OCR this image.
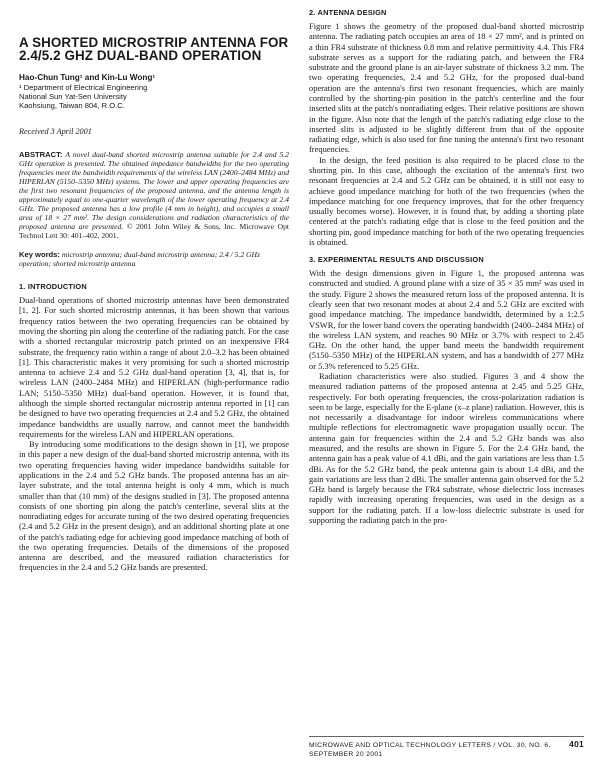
A SHORTED MICROSTRIP ANTENNA FOR 2.4/5.2 GHZ DUAL-BAND OPERATION

Hao-Chun Tung¹ and Kin-Lu Wong¹

¹ Department of Electrical Engineering

National Sun Yat-Sen University

Kaohsiung, Taiwan 804, R.O.C.

Received 3 April 2001

ABSTRACT: A novel dual-band shorted microstrip antenna suitable for 2.4 and 5.2 GHz operation is presented. The obtained impedance bandwidths for the two operating frequencies meet the bandwidth requirements of the wireless LAN (2400–2484 MHz) and HIPERLAN (5150–5350 MHz) systems. The lower and upper operating frequencies are the first two resonant frequencies of the proposed antenna, and the antenna length is approximately equal to one-quarter wavelength of the lower operating frequency at 2.4 GHz. The proposed antenna has a low profile (4 mm in height), and occupies a small area of 18 × 27 mm². The design considerations and radiation characteristics of the proposed antenna are presented. © 2001 John Wiley & Sons, Inc. Microwave Opt Technol Lett 30: 401–402, 2001.

Key words: microstrip antenna; dual-band microstrip antenna; 2.4 / 5.2 GHz operation; shorted microstrip antenna

1. INTRODUCTION

Dual-band operations of shorted microstrip antennas have been demonstrated [1, 2]. For such shorted microstrip antennas, it has been shown that various frequency ratios between the two operating frequencies can be obtained by moving the shorting pin along the centerline of the radiating patch. For the case with a shorted rectangular microstrip patch printed on an inexpensive FR4 substrate, the frequency ratio within a range of about 2.0–3.2 has been obtained [1]. This characteristic makes it very promising for such a shorted microstrip antenna to achieve 2.4 and 5.2 GHz dual-band operation [3, 4], that is, for wireless LAN (2400–2484 MHz) and HIPERLAN (high-performance radio LAN; 5150–5350 MHz) dual-band operation. However, it is found that, although the simple shorted rectangular microstrip antenna reported in [1] can be designed to have two operating frequencies at 2.4 and 5.2 GHz, the obtained impedance bandwidths are usually narrow, and cannot meet the bandwidth requirements for the wireless LAN and HIPERLAN operations.

By introducing some modifications to the design shown in [1], we propose in this paper a new design of the dual-band shorted microstrip antenna, with its two operating frequencies having wider impedance bandwidths suitable for applications in the 2.4 and 5.2 GHz bands. The proposed antenna has an air-layer substrate, and the total antenna height is only 4 mm, which is much smaller than that (10 mm) of the designs studied in [3]. The proposed antenna consists of one shorting pin along the patch's centerline, several slits at the nonradiating edges for accurate tuning of the two desired operating frequencies (2.4 and 5.2 GHz in the present design), and an additional shorting plate at one of the patch's radiating edge for achieving good impedance matching of both of the two operating frequencies. Details of the dimensions of the proposed antenna are described, and the measured radiation characteristics for frequencies in the 2.4 and 5.2 GHz bands are presented.

2. ANTENNA DESIGN

Figure 1 shows the geometry of the proposed dual-band shorted microstrip antenna. The radiating patch occupies an area of 18 × 27 mm², and is printed on a thin FR4 substrate of thickness 0.8 mm and relative permittivity 4.4. This FR4 substrate serves as a support for the radiating patch, and between the FR4 substrate and the ground plane is an air-layer substrate of thickness 3.2 mm. The two operating frequencies, 2.4 and 5.2 GHz, for the proposed dual-band operation are the antenna's first two resonant frequencies, which are mainly controlled by the shorting-pin position in the patch's centerline and the four inserted slits at the patch's nonradiating edges. Their relative positions are shown in the figure. Also note that the length of the patch's radiating edge close to the inserted slits is adjusted to be slightly different from that of the opposite radiating edge, which is also used for fine tuning the antenna's first two resonant frequencies.

In the design, the feed position is also required to be placed close to the shorting pin. In this case, although the excitation of the antenna's first two resonant frequencies at 2.4 and 5.2 GHz can be obtained, it is still not easy to achieve good impedance matching for both of the two frequencies (when the impedance matching for one frequency improves, that for the other frequency usually becomes worse). However, it is found that, by adding a shorting plate centered at the patch's radiating edge that is close to the feed position and the shorting pin, good impedance matching for both of the two operating frequencies is obtained.

3. EXPERIMENTAL RESULTS AND DISCUSSION

With the design dimensions given in Figure 1, the proposed antenna was constructed and studied. A ground plane with a size of 35 × 35 mm² was used in the study. Figure 2 shows the measured return loss of the proposed antenna. It is clearly seen that two resonant modes at about 2.4 and 5.2 GHz are excited with good impedance matching. The impedance bandwidth, determined by a 1:2.5 VSWR, for the lower band covers the operating bandwidth (2400–2484 MHz) of the wireless LAN system, and reaches 90 MHz or 3.7% with respect to 2.45 GHz. On the other hand, the upper band meets the bandwidth requirement (5150–5350 MHz) of the HIPERLAN system, and has a bandwidth of 277 MHz or 5.3% referenced to 5.25 GHz.

Radiation characteristics were also studied. Figures 3 and 4 show the measured radiation patterns of the proposed antenna at 2.45 and 5.25 GHz, respectively. For both operating frequencies, the cross-polarization radiation is seen to be large, especially for the E-plane (x–z plane) radiation. However, this is not necessarily a disadvantage for indoor wireless communications where multiple reflections for electromagnetic wave propagation usually occur. The antenna gain for frequencies within the 2.4 and 5.2 GHz bands was also measured, and the results are shown in Figure 5. For the 2.4 GHz band, the antenna gain has a peak value of 4.1 dBi, and the gain variations are less than 1.5 dBi. As for the 5.2 GHz band, the peak antenna gain is about 1.4 dBi, and the gain variations are less than 2 dBi. The smaller antenna gain observed for the 5.2 GHz band is largely because the FR4 substrate, whose dielectric loss increases rapidly with increasing operating frequencies, was used in the design as a support for the radiating patch. If a low-loss dielectric substrate is used for supporting the radiating patch in the pro-

MICROWAVE AND OPTICAL TECHNOLOGY LETTERS / VOL. 30, NO. 6, SEPTEMBER 20 2001
401
